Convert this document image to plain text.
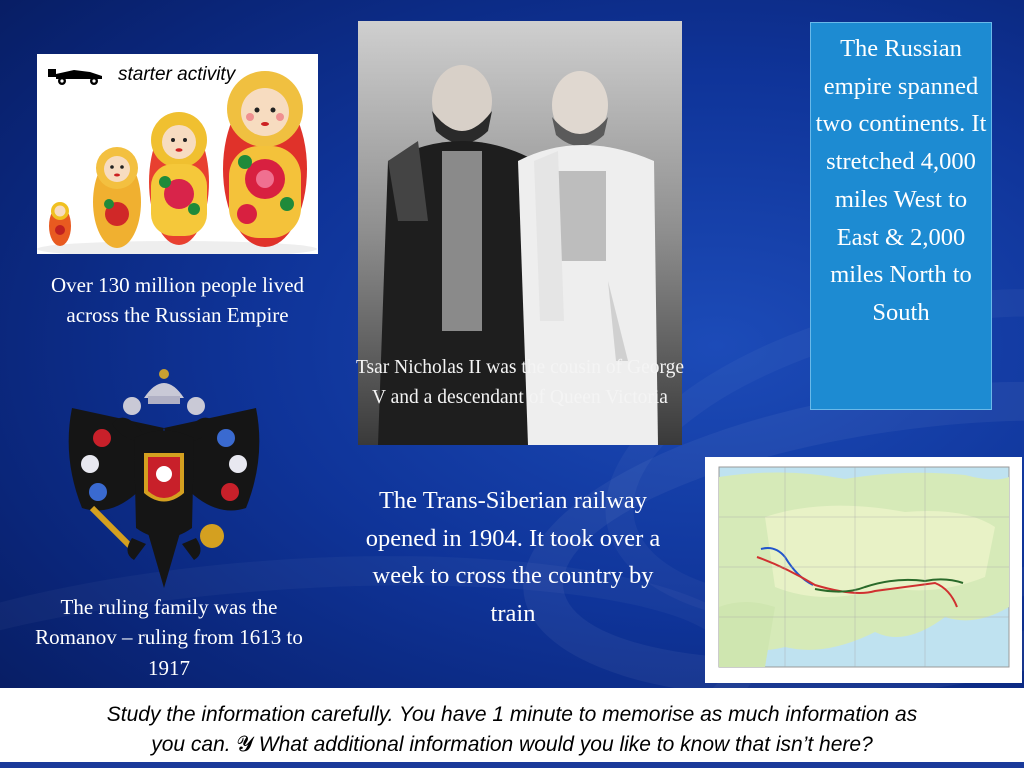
starter activity
Over 130 million people lived across the Russian Empire
The ruling family was the Romanov – ruling from 1613 to 1917
Tsar Nicholas II was the cousin of George V and a descendant of Queen Victoria
The Russian empire spanned two continents. It stretched 4,000 miles West to East & 2,000 miles North to South
The Trans-Siberian railway opened in 1904. It took over a week to cross the country by train
Study the information carefully. You have 1 minute to memorise as much information as
you can. 𝓨 What additional information would you like to know that isn’t here?
